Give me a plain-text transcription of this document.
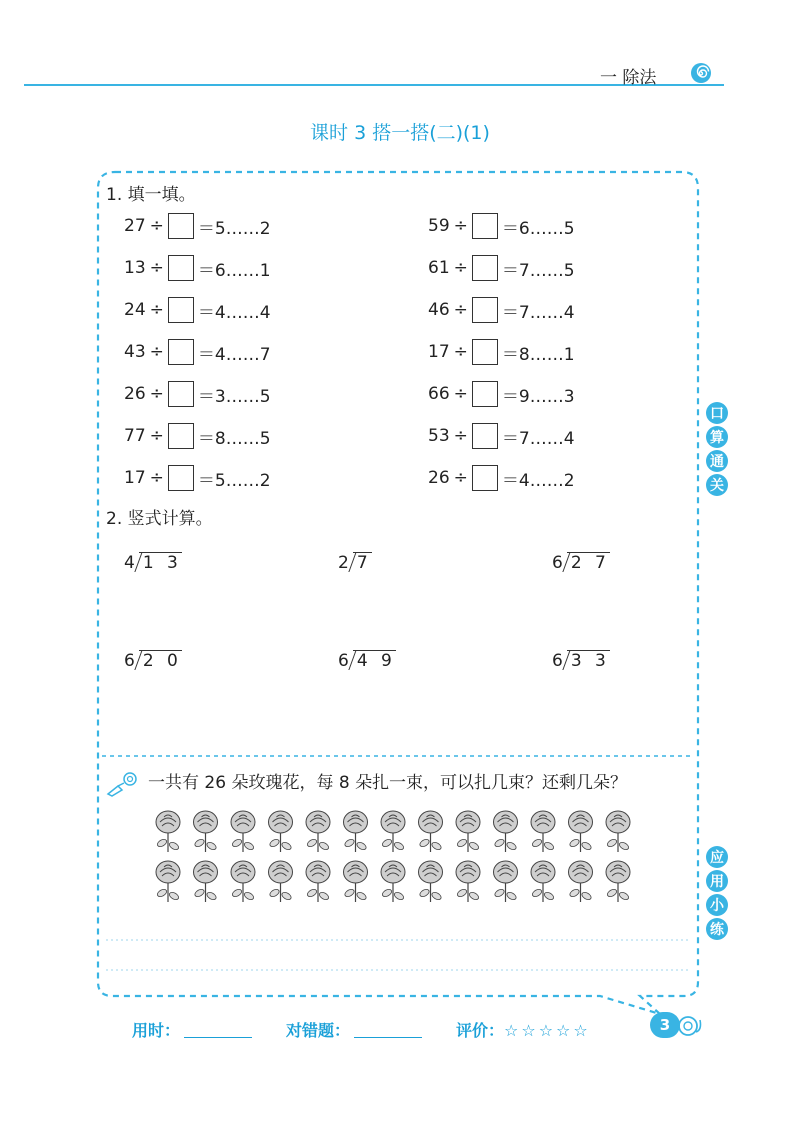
一 除法
课时 3 搭一搭(二)(1)
1. 填一填。
27 ÷ ＝5……2
13 ÷ ＝6……1
24 ÷ ＝4……4
43 ÷ ＝4……7
26 ÷ ＝3……5
77 ÷ ＝8……5
17 ÷ ＝5……2
59 ÷ ＝6……5
61 ÷ ＝7……5
46 ÷ ＝7……4
17 ÷ ＝8……1
66 ÷ ＝9……3
53 ÷ ＝7……4
26 ÷ ＝4……2
2. 竖式计算。
4 1 3	2 7	6 2 7
6 2 0	6 4 9	6 3 3
一共有 26 朵玫瑰花，每 8 朵扎一束，可以扎几束？还剩几朵？
口
算
通
关
应
用
小
练
用时：	对错题：	评价：☆☆☆☆☆	3
